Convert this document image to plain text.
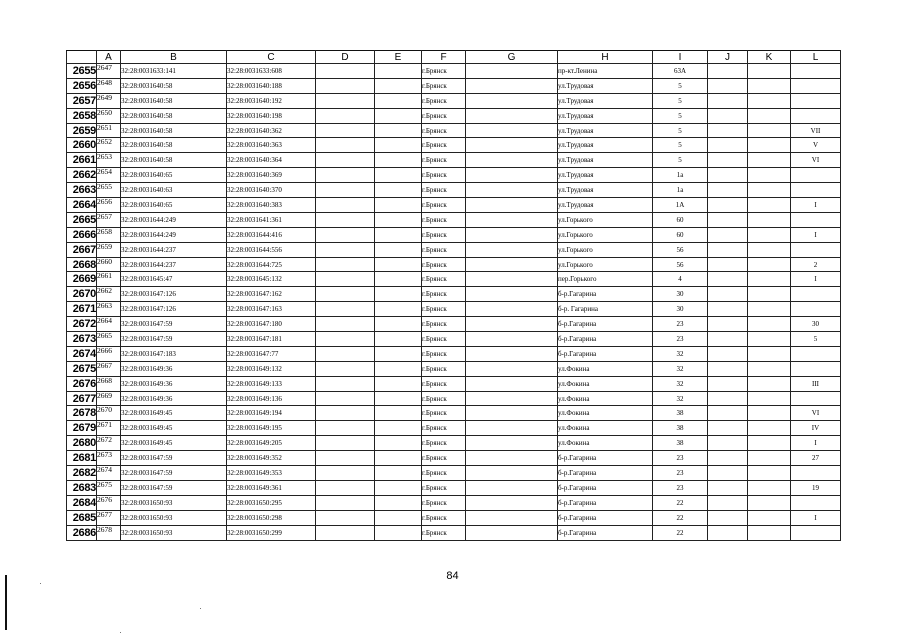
	A	B	C	D	E	F	G	H	I	J	K	L
2655	2647	32:28:0031633:141	32:28:0031633:608			г.Брянск		пр-кт.Ленина	63А			
2656	2648	32:28:0031640:58	32:28:0031640:188			г.Брянск		ул.Трудовая	5			
2657	2649	32:28:0031640:58	32:28:0031640:192			г.Брянск		ул.Трудовая	5			
2658	2650	32:28:0031640:58	32:28:0031640:198			г.Брянск		ул.Трудовая	5			
2659	2651	32:28:0031640:58	32:28:0031640:362			г.Брянск		ул.Трудовая	5			VII
2660	2652	32:28:0031640:58	32:28:0031640:363			г.Брянск		ул.Трудовая	5			V
2661	2653	32:28:0031640:58	32:28:0031640:364			г.Брянск		ул.Трудовая	5			VI
2662	2654	32:28:0031640:65	32:28:0031640:369			г.Брянск		ул.Трудовая	1а			
2663	2655	32:28:0031640:63	32:28:0031640:370			г.Брянск		ул.Трудовая	1а			
2664	2656	32:28:0031640:65	32:28:0031640:383			г.Брянск		ул.Трудовая	1А			I
2665	2657	32:28:0031644:249	32:28:0031641:361			г.Брянск		ул.Горького	60			
2666	2658	32:28:0031644:249	32:28:0031644:416			г.Брянск		ул.Горького	60			I
2667	2659	32:28:0031644:237	32:28:0031644:556			г.Брянск		ул.Горького	56			
2668	2660	32:28:0031644:237	32:28:0031644:725			г.Брянск		ул.Горького	56			2
2669	2661	32:28:0031645:47	32:28:0031645:132			г.Брянск		пер.Горького	4			I
2670	2662	32:28:0031647:126	32:28:0031647:162			г.Брянск		б-р.Гагарина	30			
2671	2663	32:28:0031647:126	32:28:0031647:163			г.Брянск		б-р. Гагарина	30			
2672	2664	32:28:0031647:59	32:28:0031647:180			г.Брянск		б-р.Гагарина	23			30
2673	2665	32:28:0031647:59	32:28:0031647:181			г.Брянск		б-р.Гагарина	23			5
2674	2666	32:28:0031647:183	32:28:0031647:77			г.Брянск		б-р.Гагарина	32			
2675	2667	32:28:0031649:36	32:28:0031649:132			г.Брянск		ул.Фокина	32			
2676	2668	32:28:0031649:36	32:28:0031649:133			г.Брянск		ул.Фокина	32			III
2677	2669	32:28:0031649:36	32:28:0031649:136			г.Брянск		ул.Фокина	32			
2678	2670	32:28:0031649:45	32:28:0031649:194			г.Брянск		ул.Фокина	38			VI
2679	2671	32:28:0031649:45	32:28:0031649:195			г.Брянск		ул.Фокина	38			IV
2680	2672	32:28:0031649:45	32:28:0031649:205			г.Брянск		ул.Фокина	38			I
2681	2673	32:28:0031647:59	32:28:0031649:352			г.Брянск		б-р.Гагарина	23			27
2682	2674	32:28:0031647:59	32:28:0031649:353			г.Брянск		б-р.Гагарина	23			
2683	2675	32:28:0031647:59	32:28:0031649:361			г.Брянск		б-р.Гагарина	23			19
2684	2676	32:28:0031650:93	32:28:0031650:295			г.Брянск		б-р.Гагарина	22			
2685	2677	32:28:0031650:93	32:28:0031650:298			г.Брянск		б-р.Гагарина	22			I
2686	2678	32:28:0031650:93	32:28:0031650:299			г.Брянск		б-р.Гагарина	22			
84
